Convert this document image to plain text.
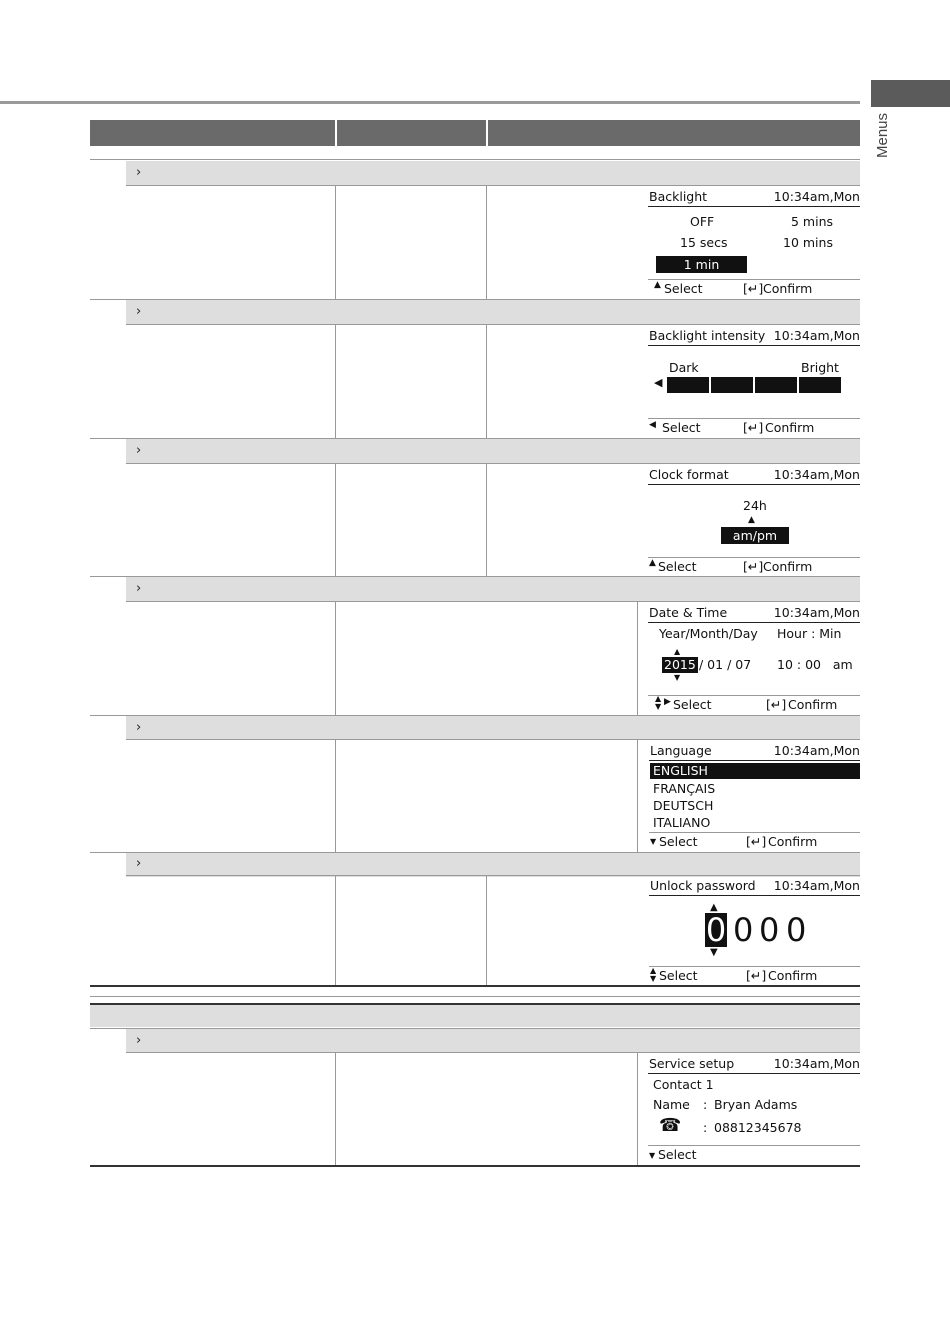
Menus
›
Backlight	10:34am,Mon
OFF	5 mins
15 secs	10 mins
1 min
▲ Select	[↵] Confirm
›
Backlight intensity 10:34am,Mon
Dark	Bright
◀
◀ Select	[↵] Confirm
›
Clock format	10:34am,Mon
24h
▲
am/pm
▲ Select	[↵] Confirm
›
Date & Time	10:34am,Mon
Year/Month/Day Hour : Min
▲
2015 / 01 / 07 10 : 00   am
▼
▲
▼ ▶ Select	[↵] Confirm
›
Language	10:34am,Mon
ENGLISH
FRANÇAIS
DEUTSCH
ITALIANO
▼ Select	[↵] Confirm
›
Unlock password 10:34am,Mon
▲
0 0 0 0
▼
▲
▼ Select	[↵] Confirm
›
Service setup	10:34am,Mon
Contact 1
Name : Bryan Adams
☎ : 08812345678
▼ Select
